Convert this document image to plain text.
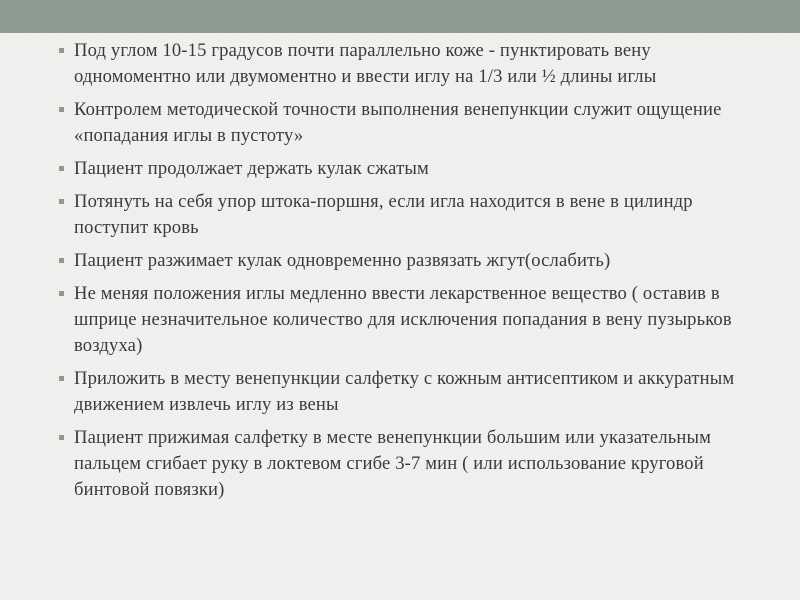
Под углом 10-15 градусов почти параллельно коже - пунктировать вену одномоментно или двумоментно и ввести иглу на 1/3 или ½ длины иглы
Контролем методической точности выполнения венепункции служит ощущение «попадания иглы в пустоту»
Пациент продолжает держать кулак сжатым
Потянуть на себя упор штока-поршня, если игла находится в вене в цилиндр поступит кровь
Пациент разжимает кулак одновременно развязать жгут(ослабить)
Не меняя положения иглы медленно ввести лекарственное вещество ( оставив в шприце незначительное количество для исключения попадания в вену пузырьков воздуха)
Приложить в месту венепункции салфетку с кожным антисептиком и аккуратным движением извлечь иглу из вены
Пациент прижимая салфетку в месте венепункции большим или указательным пальцем сгибает руку в локтевом сгибе 3-7 мин ( или использование круговой бинтовой повязки)
